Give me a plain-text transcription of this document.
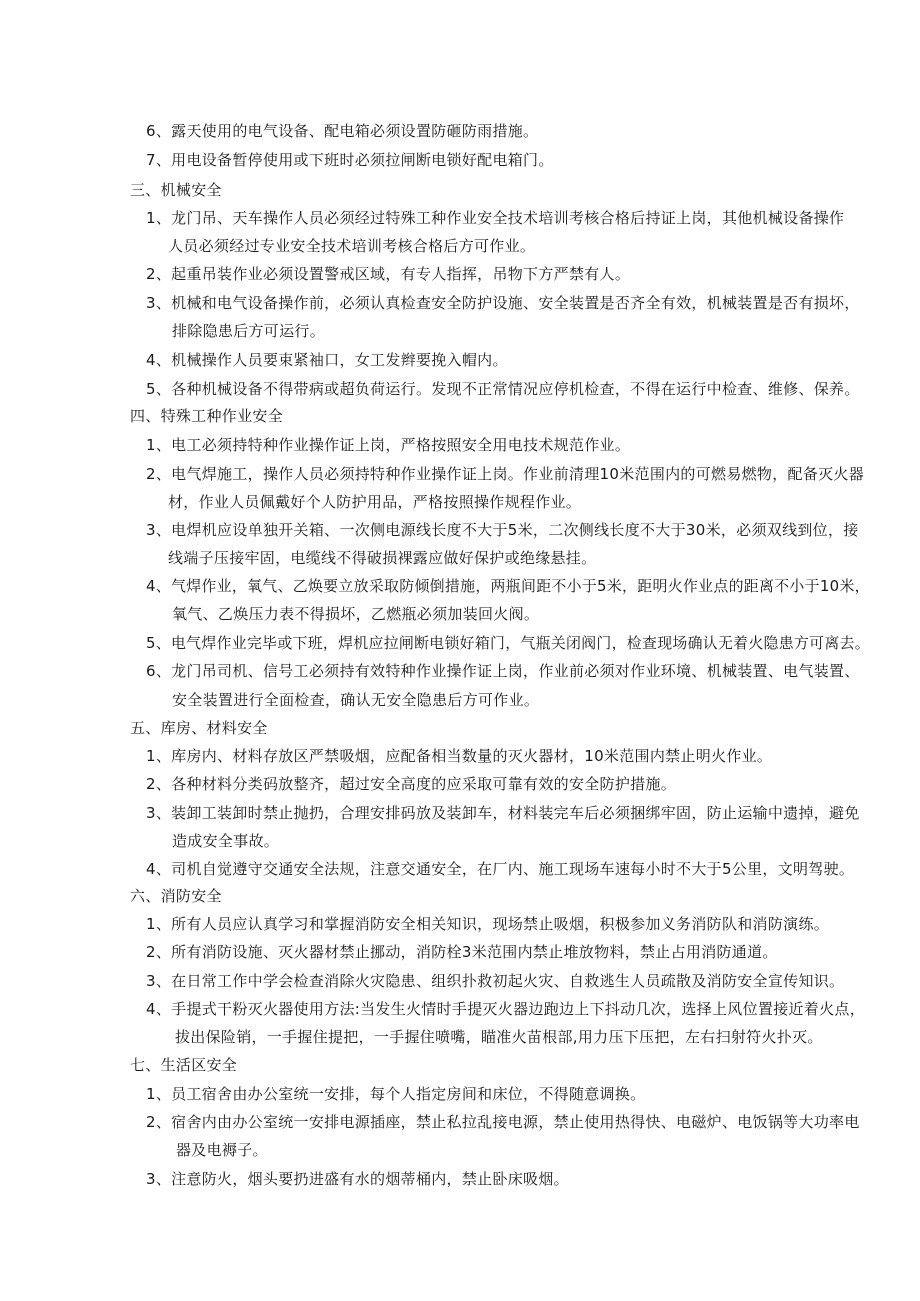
6、露天使用的电气设备、配电箱必须设置防砸防雨措施。
7、用电设备暂停使用或下班时必须拉闸断电锁好配电箱门。
三、机械安全
1、龙门吊、天车操作人员必须经过特殊工种作业安全技术培训考核合格后持证上岗，其他机械设备操作
人员必须经过专业安全技术培训考核合格后方可作业。
2、起重吊装作业必须设置警戒区域，有专人指挥，吊物下方严禁有人。
3、机械和电气设备操作前，必须认真检查安全防护设施、安全装置是否齐全有效，机械装置是否有损坏，
排除隐患后方可运行。
4、机械操作人员要束紧袖口，女工发辫要挽入帽内。
5、各种机械设备不得带病或超负荷运行。发现不正常情况应停机检查，不得在运行中检查、维修、保养。
四、特殊工种作业安全
1、电工必须持特种作业操作证上岗，严格按照安全用电技术规范作业。
2、电气焊施工，操作人员必须持特种作业操作证上岗。作业前清理10米范围内的可燃易燃物，配备灭火器
材，作业人员佩戴好个人防护用品，严格按照操作规程作业。
3、电焊机应设单独开关箱、一次侧电源线长度不大于5米，二次侧线长度不大于30米，必须双线到位，接
线端子压接牢固，电缆线不得破损裸露应做好保护或绝缘悬挂。
4、气焊作业，氧气、乙焕要立放采取防倾倒措施，两瓶间距不小于5米，距明火作业点的距离不小于10米，
氧气、乙焕压力表不得损坏，乙燃瓶必须加装回火阀。
5、电气焊作业完毕或下班，焊机应拉闸断电锁好箱门，气瓶关闭阀门，检查现场确认无着火隐患方可离去。
6、龙门吊司机、信号工必须持有效特种作业操作证上岗，作业前必须对作业环境、机械装置、电气装置、
安全装置进行全面检查，确认无安全隐患后方可作业。
五、库房、材料安全
1、库房内、材料存放区严禁吸烟，应配备相当数量的灭火器材，10米范围内禁止明火作业。
2、各种材料分类码放整齐，超过安全高度的应采取可靠有效的安全防护措施。
3、装卸工装卸时禁止抛扔，合理安排码放及装卸车，材料装完车后必须捆绑牢固，防止运输中遗掉，避免
造成安全事故。
4、司机自觉遵守交通安全法规，注意交通安全，在厂内、施工现场车速每小时不大于5公里，文明驾驶。
六、消防安全
1、所有人员应认真学习和掌握消防安全相关知识，现场禁止吸烟，积极参加义务消防队和消防演练。
2、所有消防设施、灭火器材禁止挪动，消防栓3米范围内禁止堆放物料，禁止占用消防通道。
3、在日常工作中学会检查消除火灾隐患、组织扑救初起火灾、自救逃生人员疏散及消防安全宣传知识。
4、手提式干粉灭火器使用方法:当发生火情时手提灭火器边跑边上下抖动几次，选择上风位置接近着火点，
拔出保险销，一手握住提把，一手握住喷嘴，瞄准火苗根部,用力压下压把，左右扫射符火扑灭。
七、生活区安全
1、员工宿舍由办公室统一安排，每个人指定房间和床位，不得随意调换。
2、宿舍内由办公室统一安排电源插座，禁止私拉乱接电源，禁止使用热得快、电磁炉、电饭锅等大功率电
器及电褥子。
3、注意防火，烟头要扔进盛有水的烟蒂桶内，禁止卧床吸烟。
